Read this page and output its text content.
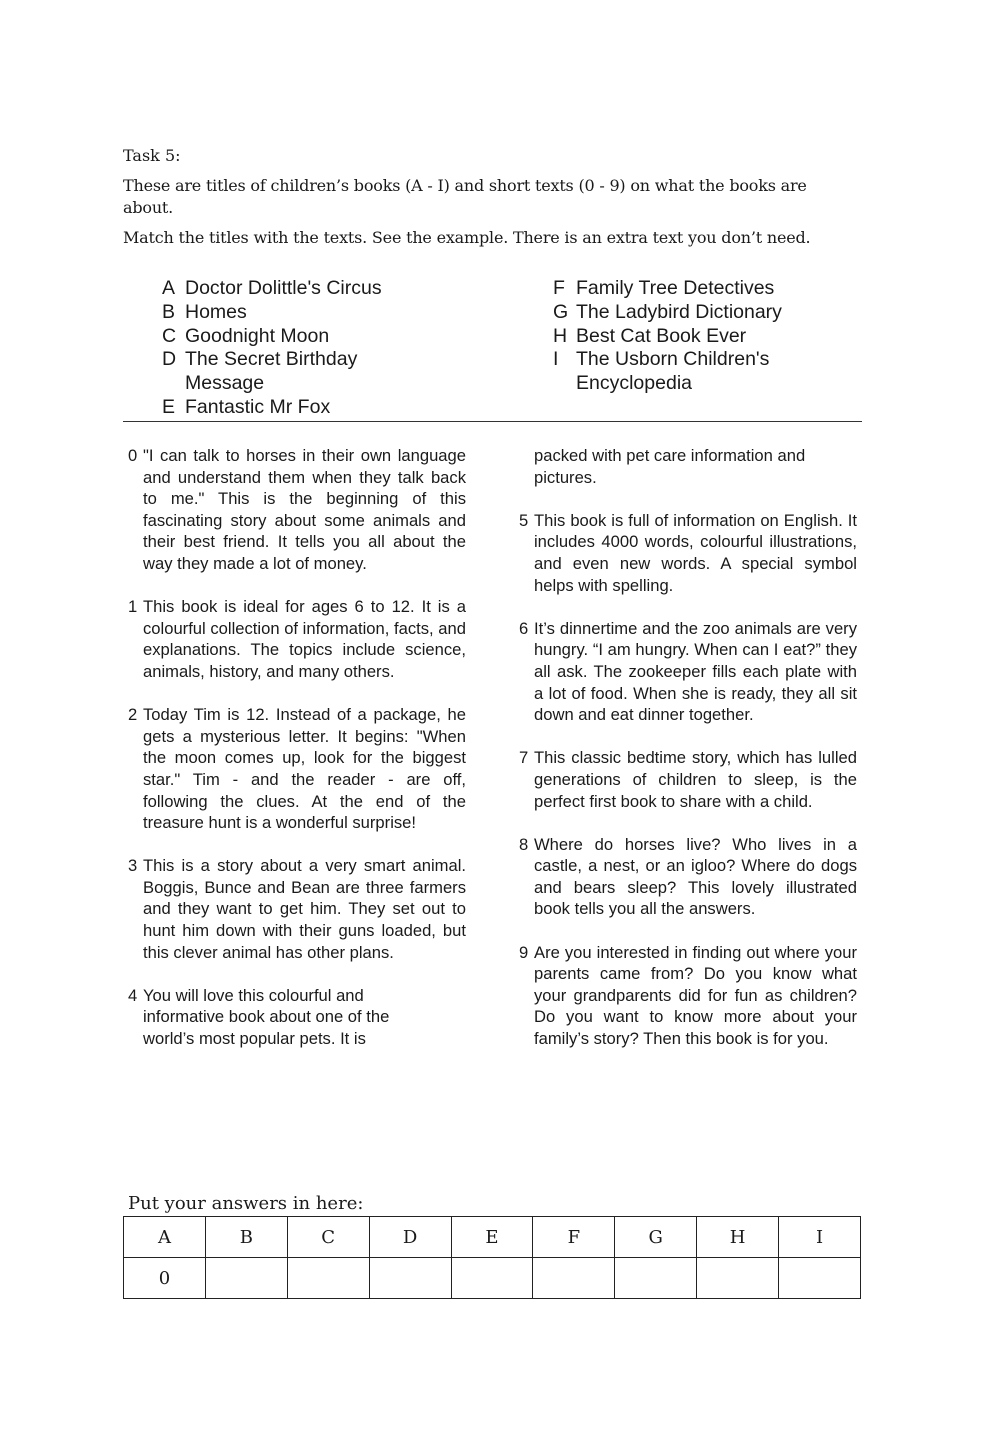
Task 5:
These are titles of children’s books (A - I) and short texts (0 - 9) on what the books are about.
Match the titles with the texts. See the example. There is an extra text you don’t need.
A Doctor Dolittle's Circus
B Homes
C Goodnight Moon
D The Secret Birthday Message
E Fantastic Mr Fox
F Family Tree Detectives
G The Ladybird Dictionary
H Best Cat Book Ever
I The Usborn Children's Encyclopedia
0 "I can talk to horses in their own language and understand them when they talk back to me." This is the beginning of this fascinating story about some animals and their best friend. It tells you all about the way they made a lot of money.
1 This book is ideal for ages 6 to 12. It is a colourful collection of information, facts, and explanations. The topics include science, animals, history, and many others.
2 Today Tim is 12. Instead of a package, he gets a mysterious letter. It begins: "When the moon comes up, look for the biggest star." Tim - and the reader - are off, following the clues. At the end of the treasure hunt is a wonderful surprise!
3 This is a story about a very smart animal. Boggis, Bunce and Bean are three farmers and they want to get him. They set out to hunt him down with their guns loaded, but this clever animal has other plans.
4 You will love this colourful and informative book about one of the world’s most popular pets. It is
packed with pet care information and pictures.
5 This book is full of information on English. It includes 4000 words, colourful illustrations, and even new words. A special symbol helps with spelling.
6 It’s dinnertime and the zoo animals are very hungry. “I am hungry. When can I eat?” they all ask. The zookeeper fills each plate with a lot of food. When she is ready, they all sit down and eat dinner together.
7 This classic bedtime story, which has lulled generations of children to sleep, is the perfect first book to share with a child.
8 Where do horses live? Who lives in a castle, a nest, or an igloo? Where do dogs and bears sleep? This lovely illustrated book tells you all the answers.
9 Are you interested in finding out where your parents came from? Do you know what your grandparents did for fun as children? Do you want to know more about your family’s story? Then this book is for you.
Put your answers in here:
A	B	C	D	E	F	G	H	I
0								
